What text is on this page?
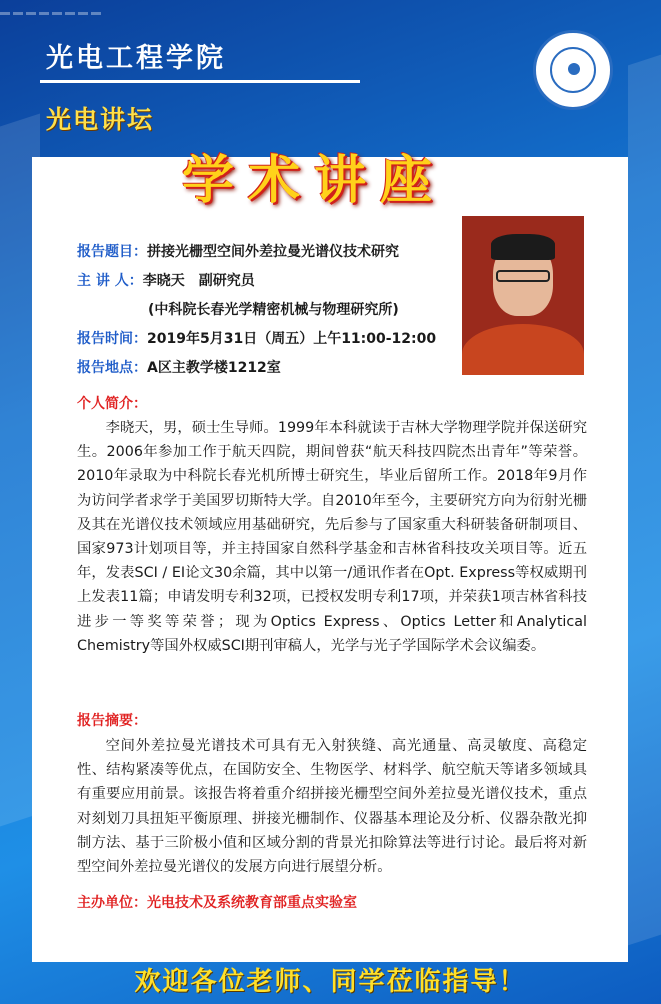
光电工程学院
光电讲坛
学术讲座
报告题目：拼接光栅型空间外差拉曼光谱仪技术研究
主 讲 人：李晓天　副研究员
(中科院长春光学精密机械与物理研究所)
报告时间：2019年5月31日（周五）上午11:00-12:00
报告地点：A区主教学楼1212室
个人简介：

李晓天，男，硕士生导师。1999年本科就读于吉林大学物理学院并保送研究生。2006年参加工作于航天四院，期间曾获“航天科技四院杰出青年”等荣誉。2010年录取为中科院长春光机所博士研究生，毕业后留所工作。2018年9月作为访问学者求学于美国罗切斯特大学。自2010年至今，主要研究方向为衍射光栅及其在光谱仪技术领域应用基础研究，先后参与了国家重大科研装备研制项目、国家973计划项目等，并主持国家自然科学基金和吉林省科技攻关项目等。近五年，发表SCI / EI论文30余篇，其中以第一/通讯作者在Opt. Express等权威期刊上发表11篇；申请发明专利32项，已授权发明专利17项，并荣获1项吉林省科技进步一等奖等荣誉；现为Optics Express、Optics Letter和Analytical Chemistry等国外权威SCI期刊审稿人，光学与光子学国际学术会议编委。

报告摘要：

空间外差拉曼光谱技术可具有无入射狭缝、高光通量、高灵敏度、高稳定性、结构紧凑等优点，在国防安全、生物医学、材料学、航空航天等诸多领域具有重要应用前景。该报告将着重介绍拼接光栅型空间外差拉曼光谱仪技术，重点对刻划刀具扭矩平衡原理、拼接光栅制作、仪器基本理论及分析、仪器杂散光抑制方法、基于三阶极小值和区域分割的背景光扣除算法等进行讨论。最后将对新型空间外差拉曼光谱仪的发展方向进行展望分析。

主办单位：光电技术及系统教育部重点实验室
欢迎各位老师、同学莅临指导！
